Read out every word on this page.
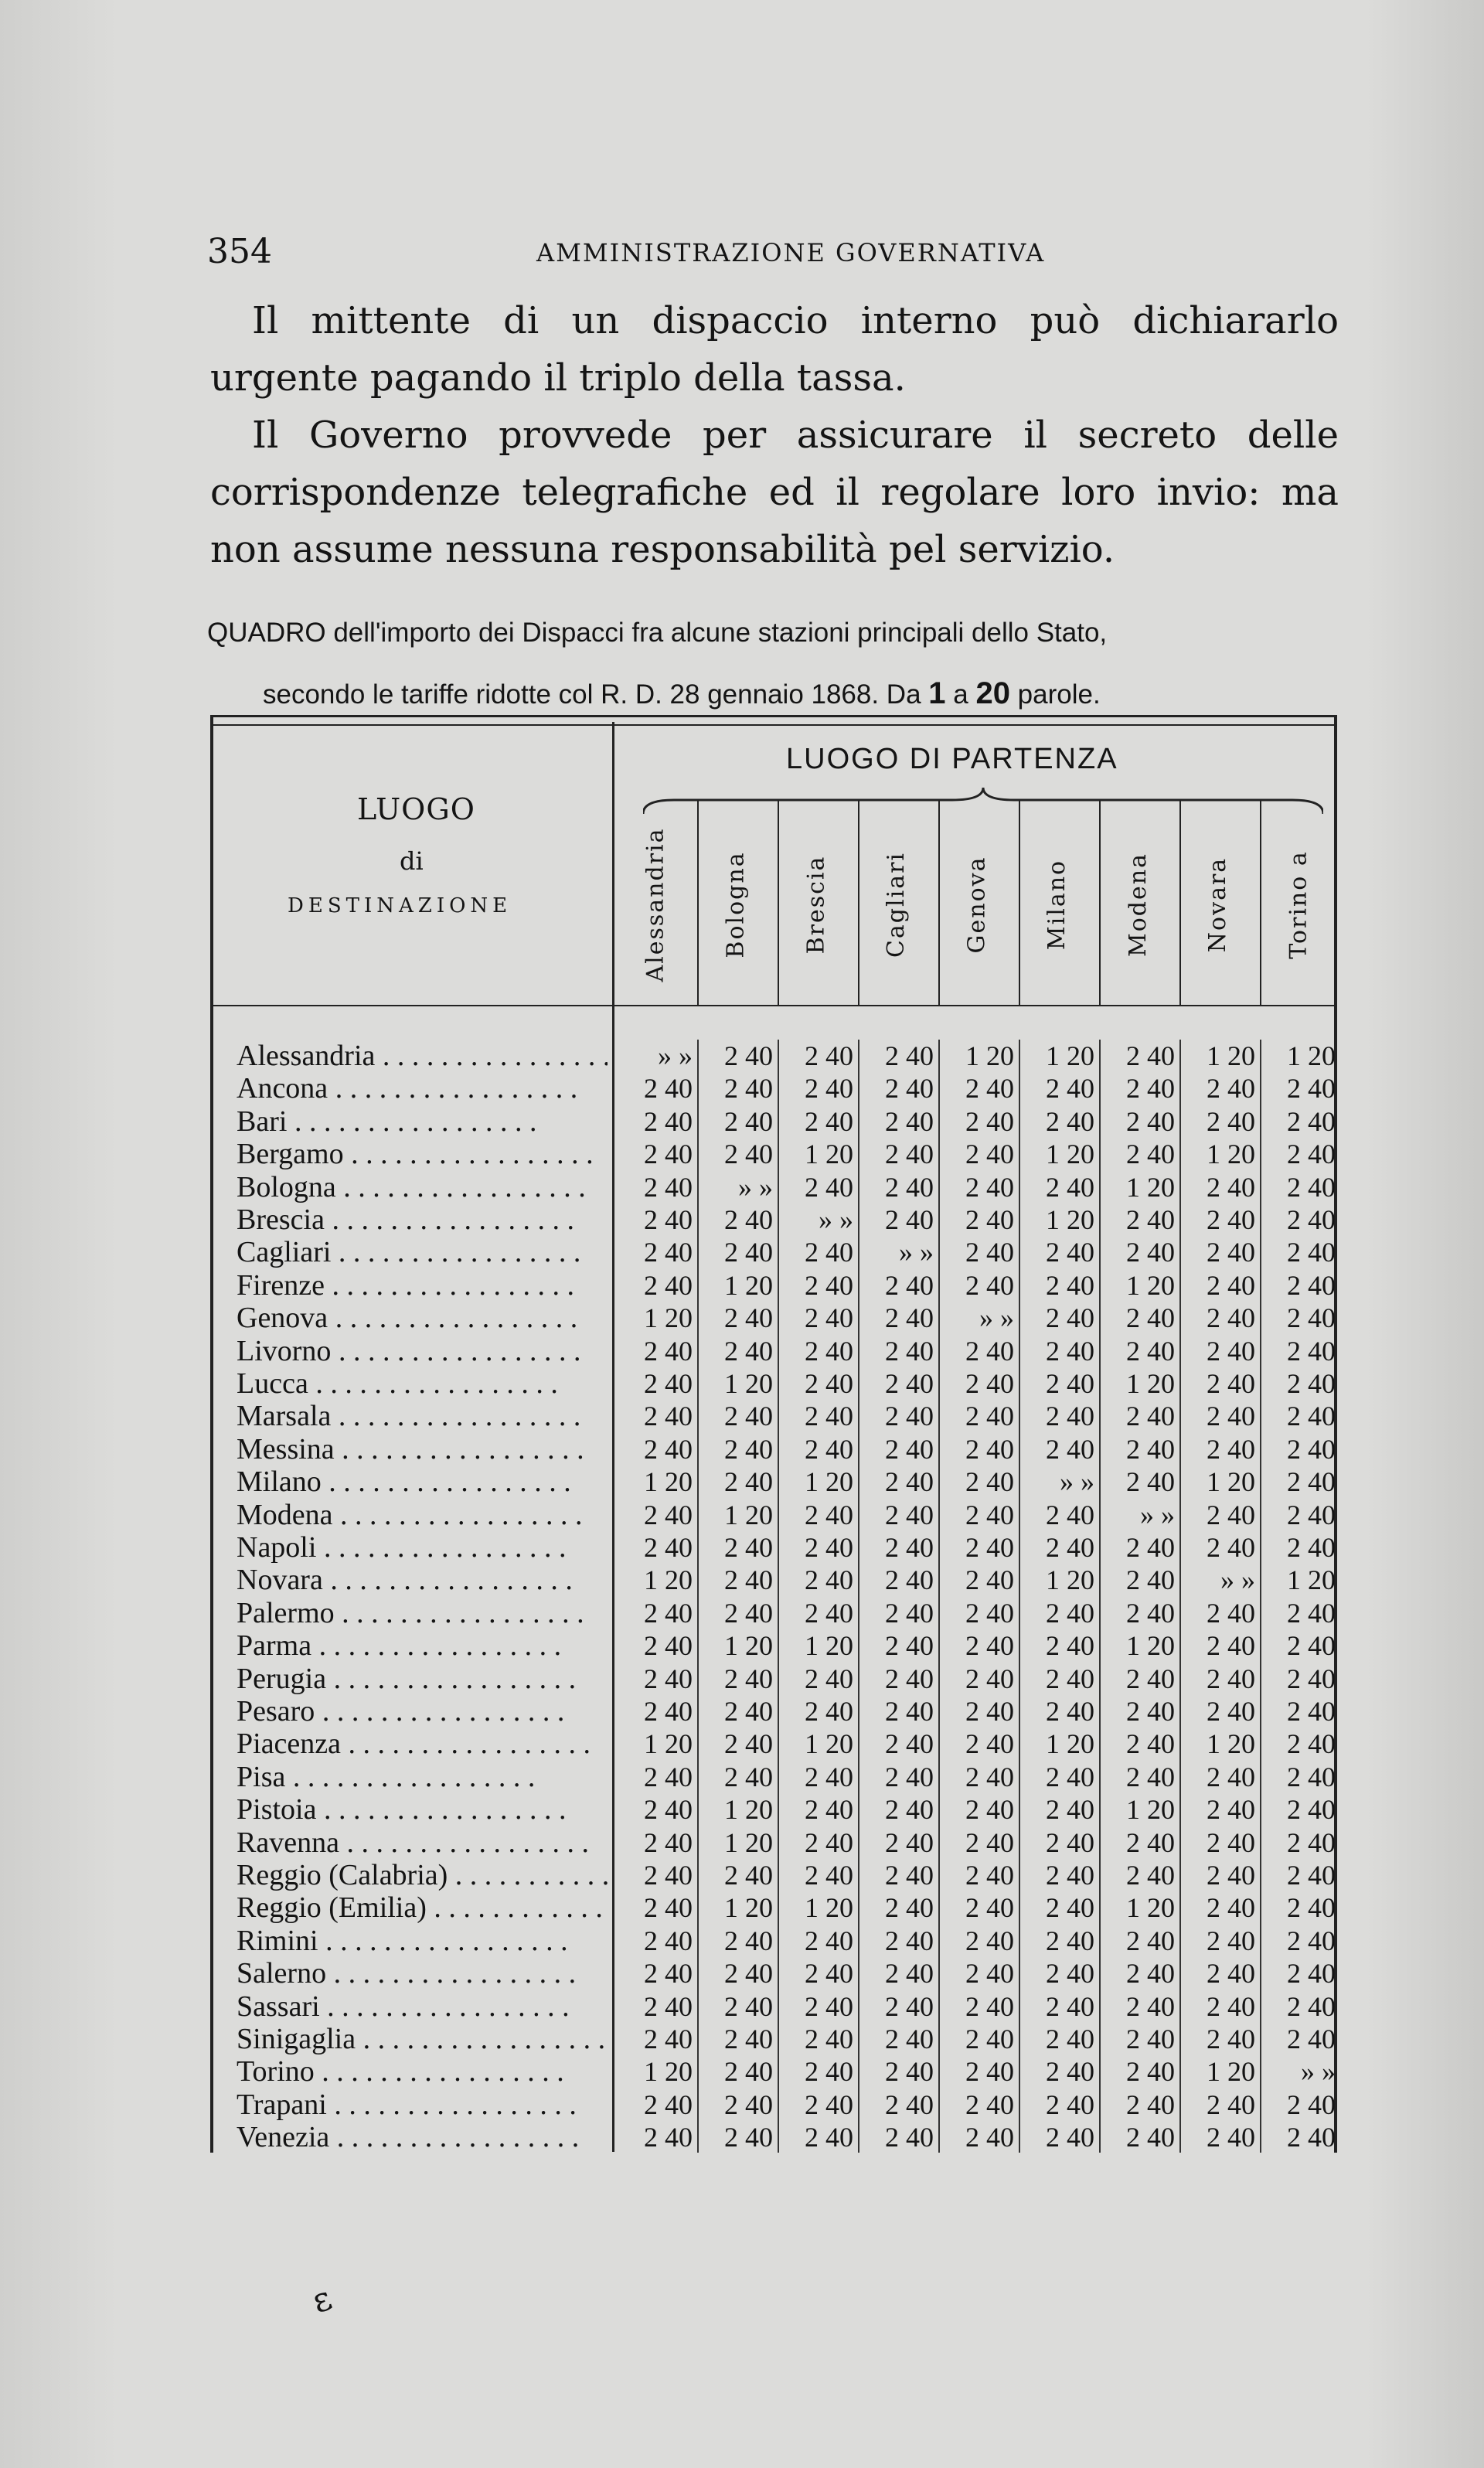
354	AMMINISTRAZIONE GOVERNATIVA
Il mittente di un dispaccio interno può dichiararlo urgente pagando il triplo della tassa.
Il Governo provvede per assicurare il secreto delle corrispondenze telegrafiche ed il regolare loro invio: ma non assume nessuna responsabilità pel servizio.
QUADRO dell'importo dei Dispacci fra alcune stazioni principali dello Stato,
secondo le tariffe ridotte col R. D. 28 gennaio 1868. Da 1 a 20 parole.
LUOGO
di
DESTINAZIONE
LUOGO DI PARTENZA
Alessandria Bologna Brescia Cagliari Genova Milano Modena Novara Torino a
Alessandria . . .	» »	2 40	2 40	2 40	1 20	1 20	2 40	1 20	1 20
Ancona . . .	2 40	2 40	2 40	2 40	2 40	2 40	2 40	2 40	2 40
Bari . . .	2 40	2 40	2 40	2 40	2 40	2 40	2 40	2 40	2 40
Bergamo . . .	2 40	2 40	1 20	2 40	2 40	1 20	2 40	1 20	2 40
Bologna . . .	2 40	» »	2 40	2 40	2 40	2 40	1 20	2 40	2 40
Brescia . . .	2 40	2 40	» »	2 40	2 40	1 20	2 40	2 40	2 40
Cagliari . . .	2 40	2 40	2 40	» »	2 40	2 40	2 40	2 40	2 40
Firenze . . .	2 40	1 20	2 40	2 40	2 40	2 40	1 20	2 40	2 40
Genova . . .	1 20	2 40	2 40	2 40	» »	2 40	2 40	2 40	2 40
Livorno . . .	2 40	2 40	2 40	2 40	2 40	2 40	2 40	2 40	2 40
Lucca . . .	2 40	1 20	2 40	2 40	2 40	2 40	1 20	2 40	2 40
Marsala . . .	2 40	2 40	2 40	2 40	2 40	2 40	2 40	2 40	2 40
Messina . . .	2 40	2 40	2 40	2 40	2 40	2 40	2 40	2 40	2 40
Milano . . .	1 20	2 40	1 20	2 40	2 40	» »	2 40	1 20	2 40
Modena . . .	2 40	1 20	2 40	2 40	2 40	2 40	» »	2 40	2 40
Napoli . . .	2 40	2 40	2 40	2 40	2 40	2 40	2 40	2 40	2 40
Novara . . .	1 20	2 40	2 40	2 40	2 40	1 20	2 40	» »	1 20
Palermo . . .	2 40	2 40	2 40	2 40	2 40	2 40	2 40	2 40	2 40
Parma . . .	2 40	1 20	1 20	2 40	2 40	2 40	1 20	2 40	2 40
Perugia . . .	2 40	2 40	2 40	2 40	2 40	2 40	2 40	2 40	2 40
Pesaro . . .	2 40	2 40	2 40	2 40	2 40	2 40	2 40	2 40	2 40
Piacenza . . .	1 20	2 40	1 20	2 40	2 40	1 20	2 40	1 20	2 40
Pisa . . .	2 40	2 40	2 40	2 40	2 40	2 40	2 40	2 40	2 40
Pistoia . . .	2 40	1 20	2 40	2 40	2 40	2 40	1 20	2 40	2 40
Ravenna . . .	2 40	1 20	2 40	2 40	2 40	2 40	2 40	2 40	2 40
Reggio (Calabria) . . .	2 40	2 40	2 40	2 40	2 40	2 40	2 40	2 40	2 40
Reggio (Emilia) . . .	2 40	1 20	1 20	2 40	2 40	2 40	1 20	2 40	2 40
Rimini . . .	2 40	2 40	2 40	2 40	2 40	2 40	2 40	2 40	2 40
Salerno . . .	2 40	2 40	2 40	2 40	2 40	2 40	2 40	2 40	2 40
Sassari . . .	2 40	2 40	2 40	2 40	2 40	2 40	2 40	2 40	2 40
Sinigaglia . . .	2 40	2 40	2 40	2 40	2 40	2 40	2 40	2 40	2 40
Torino . . .	1 20	2 40	2 40	2 40	2 40	2 40	2 40	1 20	» »
Trapani . . .	2 40	2 40	2 40	2 40	2 40	2 40	2 40	2 40	2 40
Venezia . . .	2 40	2 40	2 40	2 40	2 40	2 40	2 40	2 40	2 40
ɛ
